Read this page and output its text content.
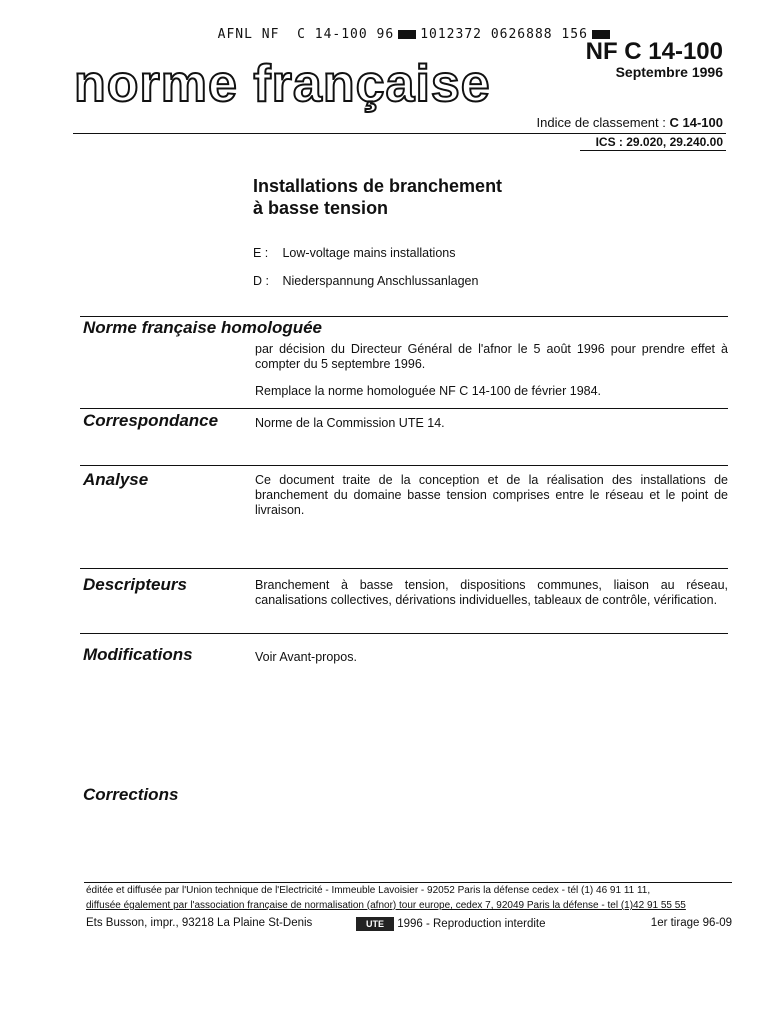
AFNL NF  C 14-100 96 1012372 0626888 156

norme française
NF C 14-100
Septembre 1996
Indice de classement : C 14-100
ICS : 29.020, 29.240.00
Installations de branchement
à basse tension
E : Low-voltage mains installations
D : Niederspannung Anschlussanlagen
Norme française homologuée
par décision du Directeur Général de l'afnor le 5 août 1996 pour prendre effet à compter du 5 septembre 1996.
Remplace la norme homologuée NF C 14-100 de février 1984.
Correspondance	Norme de la Commission UTE 14.
Analyse	Ce document traite de la conception et de la réalisation des installations de branchement du domaine basse tension comprises entre le réseau et le point de livraison.
Descripteurs	Branchement à basse tension, dispositions communes, liaison au réseau, canalisations collectives, dérivations individuelles, tableaux de contrôle, vérification.
Modifications	Voir Avant-propos.
Corrections
éditée et diffusée par l'Union technique de l'Electricité - Immeuble Lavoisier - 92052 Paris la défense cedex - tél (1) 46 91 11 11,
diffusée également par l'association française de normalisation (afnor) tour europe, cedex 7, 92049 Paris la défense - tel (1)42 91 55 55
Ets Busson, impr., 93218 La Plaine St-Denis	UTE 1996 - Reproduction interdite	1er tirage 96-09
